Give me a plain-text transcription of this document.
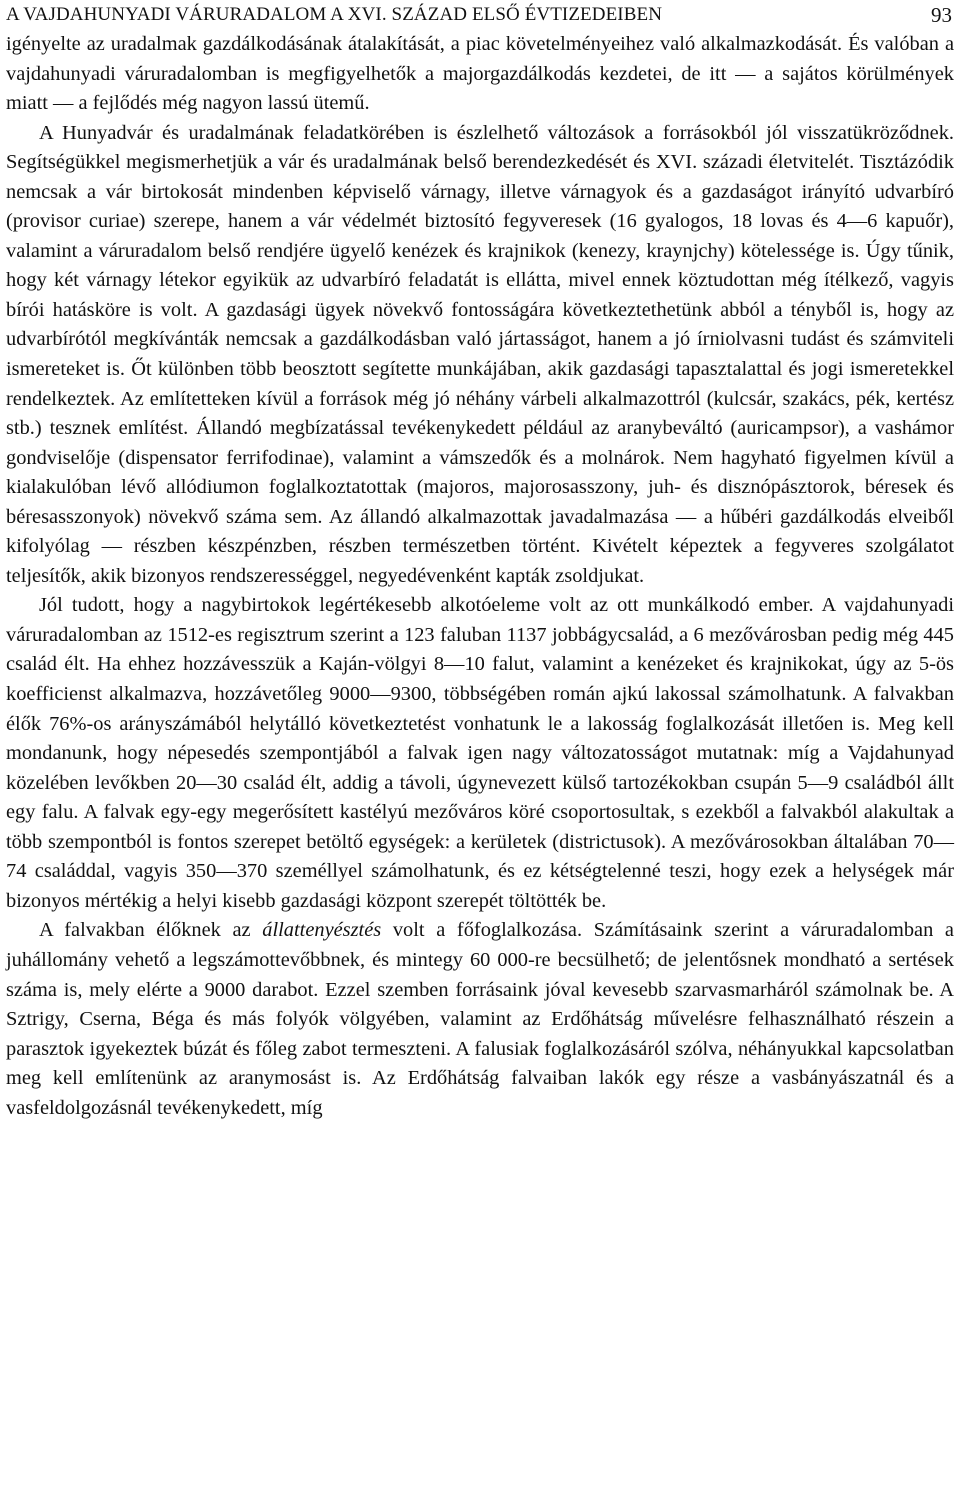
A VAJDAHUNYADI VÁRURADALOM A XVI. SZÁZAD ELSŐ ÉVTIZEDEIBEN	93

igényelte az uradalmak gazdálkodásának átalakítását, a piac követelményeihez való alkalmazkodását. És valóban a vajdahunyadi váruradalomban is megfigyelhetők a majorgazdálkodás kezdetei, de itt — a sajátos körülmények miatt — a fejlődés még nagyon lassú ütemű.

A Hunyadvár és uradalmának feladatkörében is észlelhető változások a forrásokból jól visszatükröződnek. Segítségükkel megismerhetjük a vár és uradalmának belső berendezkedését és XVI. századi életvitelét. Tisztázódik nemcsak a vár birtokosát mindenben képviselő várnagy, illetve várnagyok és a gazdaságot irányító udvarbíró (provisor curiae) szerepe, hanem a vár védelmét biztosító fegyveresek (16 gyalogos, 18 lovas és 4—6 kapuőr), valamint a váruradalom belső rendjére ügyelő kenézek és krajnikok (kenezy, kraynjchy) kötelessége is. Úgy tűnik, hogy két várnagy létekor egyikük az udvarbíró feladatát is ellátta, mivel ennek köztudottan még ítélkező, vagyis bírói hatásköre is volt. A gazdasági ügyek növekvő fontosságára következtethetünk abból a tényből is, hogy az udvarbírótól megkívánták nemcsak a gazdálkodásban való jártasságot, hanem a jó írniolvasni tudást és számviteli ismereteket is. Őt különben több beosztott segítette munkájában, akik gazdasági tapasztalattal és jogi ismeretekkel rendelkeztek. Az említetteken kívül a források még jó néhány várbeli alkalmazottról (kulcsár, szakács, pék, kertész stb.) tesznek említést. Állandó megbízatással tevékenykedett például az aranybeváltó (auricampsor), a vashámor gondviselője (dispensator ferrifodinae), valamint a vámszedők és a molnárok. Nem hagyható figyelmen kívül a kialakulóban lévő allódiumon foglalkoztatottak (majoros, majorosasszony, juh- és disznópásztorok, béresek és béresasszonyok) növekvő száma sem. Az állandó alkalmazottak javadalmazása — a hűbéri gazdálkodás elveiből kifolyólag — részben készpénzben, részben természetben történt. Kivételt képeztek a fegyveres szolgálatot teljesítők, akik bizonyos rendszerességgel, negyedévenként kapták zsoldjukat.

Jól tudott, hogy a nagybirtokok legértékesebb alkotóeleme volt az ott munkálkodó ember. A vajdahunyadi váruradalomban az 1512-es regisztrum szerint a 123 faluban 1137 jobbágycsalád, a 6 mezővárosban pedig még 445 család élt. Ha ehhez hozzávesszük a Kaján-völgyi 8—10 falut, valamint a kenézeket és krajnikokat, úgy az 5-ös koefficienst alkalmazva, hozzávetőleg 9000—9300, többségében román ajkú lakossal számolhatunk. A falvakban élők 76%-os arányszámából helytálló következtetést vonhatunk le a lakosság foglalkozását illetően is. Meg kell mondanunk, hogy népesedés szempontjából a falvak igen nagy változatosságot mutatnak: míg a Vajdahunyad közelében levőkben 20—30 család élt, addig a távoli, úgynevezett külső tartozékokban csupán 5—9 családból állt egy falu. A falvak egy-egy megerősített kastélyú mezőváros köré csoportosultak, s ezekből a falvakból alakultak a több szempontból is fontos szerepet betöltő egységek: a kerületek (districtusok). A mezővárosokban általában 70—74 családdal, vagyis 350—370 személlyel számolhatunk, és ez kétségtelenné teszi, hogy ezek a helységek már bizonyos mértékig a helyi kisebb gazdasági központ szerepét töltötték be.

A falvakban élőknek az állattenyésztés volt a főfoglalkozása. Számításaink szerint a váruradalomban a juhállomány vehető a legszámottevőbbnek, és mintegy 60 000-re becsülhető; de jelentősnek mondható a sertések száma is, mely elérte a 9000 darabot. Ezzel szemben forrásaink jóval kevesebb szarvasmarháról számolnak be. A Sztrigy, Cserna, Béga és más folyók völgyében, valamint az Erdőhátság művelésre felhasználható részein a parasztok igyekeztek búzát és főleg zabot termeszteni. A falusiak foglalkozásáról szólva, néhányukkal kapcsolatban meg kell említenünk az aranymosást is. Az Erdőhátság falvaiban lakók egy része a vasbányászatnál és a vasfeldolgozásnál tevékenykedett, míg
